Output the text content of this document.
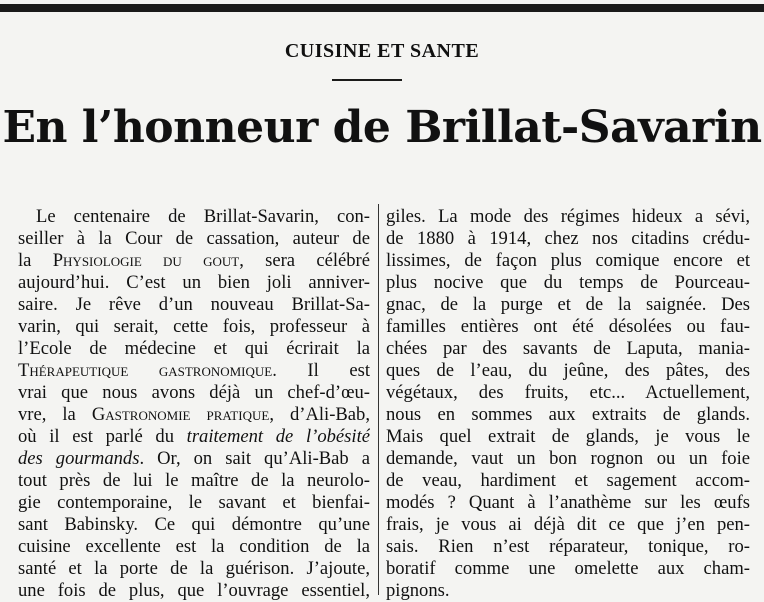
CUISINE ET SANTE
En l’honneur de Brillat-Savarin
Le centenaire de Brillat-Savarin, con-
seiller à la Cour de cassation, auteur de
la Physiologie du gout, sera célébré
aujourd’hui. C’est un bien joli anniver-
saire. Je rêve d’un nouveau Brillat-Sa-
varin, qui serait, cette fois, professeur à
l’Ecole de médecine et qui écrirait la
Thérapeutique gastronomique. Il est
vrai que nous avons déjà un chef-d’œu-
vre, la Gastronomie pratique, d’Ali-Bab,
où il est parlé du traitement de l’obésité
des gourmands. Or, on sait qu’Ali-Bab a
tout près de lui le maître de la neurolo-
gie contemporaine, le savant et bienfai-
sant Babinsky. Ce qui démontre qu’une
cuisine excellente est la condition de la
santé et la porte de la guérison. J’ajoute,
une fois de plus, que l’ouvrage essentiel,
giles. La mode des régimes hideux a sévi,
de 1880 à 1914, chez nos citadins crédu-
lissimes, de façon plus comique encore et
plus nocive que du temps de Pourceau-
gnac, de la purge et de la saignée. Des
familles entières ont été désolées ou fau-
chées par des savants de Laputa, mania-
ques de l’eau, du jeûne, des pâtes, des
végétaux, des fruits, etc... Actuellement,
nous en sommes aux extraits de glands.
Mais quel extrait de glands, je vous le
demande, vaut un bon rognon ou un foie
de veau, hardiment et sagement accom-
modés ? Quant à l’anathème sur les œufs
frais, je vous ai déjà dit ce que j’en pen-
sais. Rien n’est réparateur, tonique, ro-
boratif comme une omelette aux cham-
pignons.
